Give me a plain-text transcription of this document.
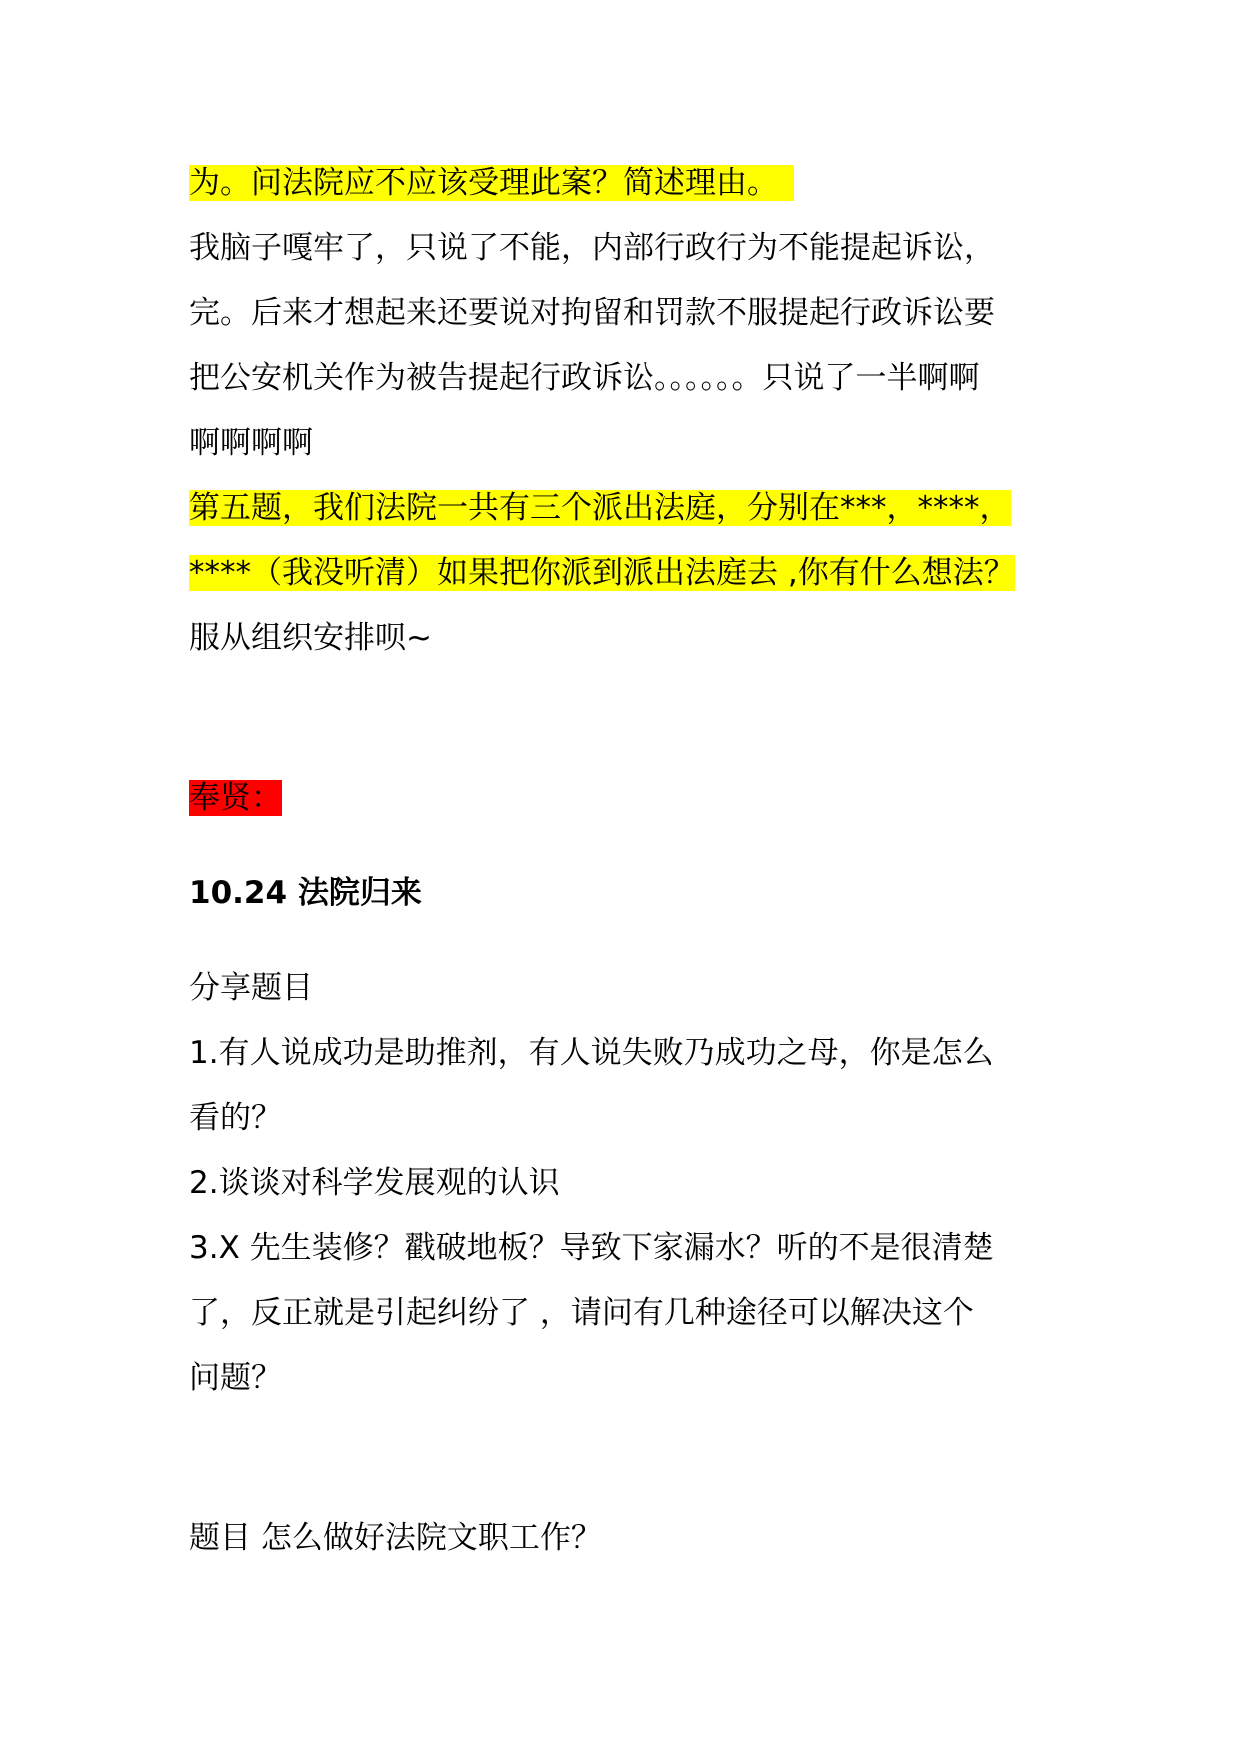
为。问法院应不应该受理此案？简述理由。
我脑子嘎牢了，只说了不能，内部行政行为不能提起诉讼，
完。后来才想起来还要说对拘留和罚款不服提起行政诉讼要
把公安机关作为被告提起行政诉讼。。。。。。只说了一半啊啊
啊啊啊啊
第五题，我们法院一共有三个派出法庭，分别在***，****，
****（我没听清）如果把你派到派出法庭去 ,你有什么想法？
服从组织安排呗~
奉贤：
10.24 法院归来
分享题目
1.有人说成功是助推剂，有人说失败乃成功之母，你是怎么
看的？
2.谈谈对科学发展观的认识
3.X 先生装修？戳破地板？导致下家漏水？听的不是很清楚
了，反正就是引起纠纷了 ，请问有几种途径可以解决这个
问题？
题目 怎么做好法院文职工作？
